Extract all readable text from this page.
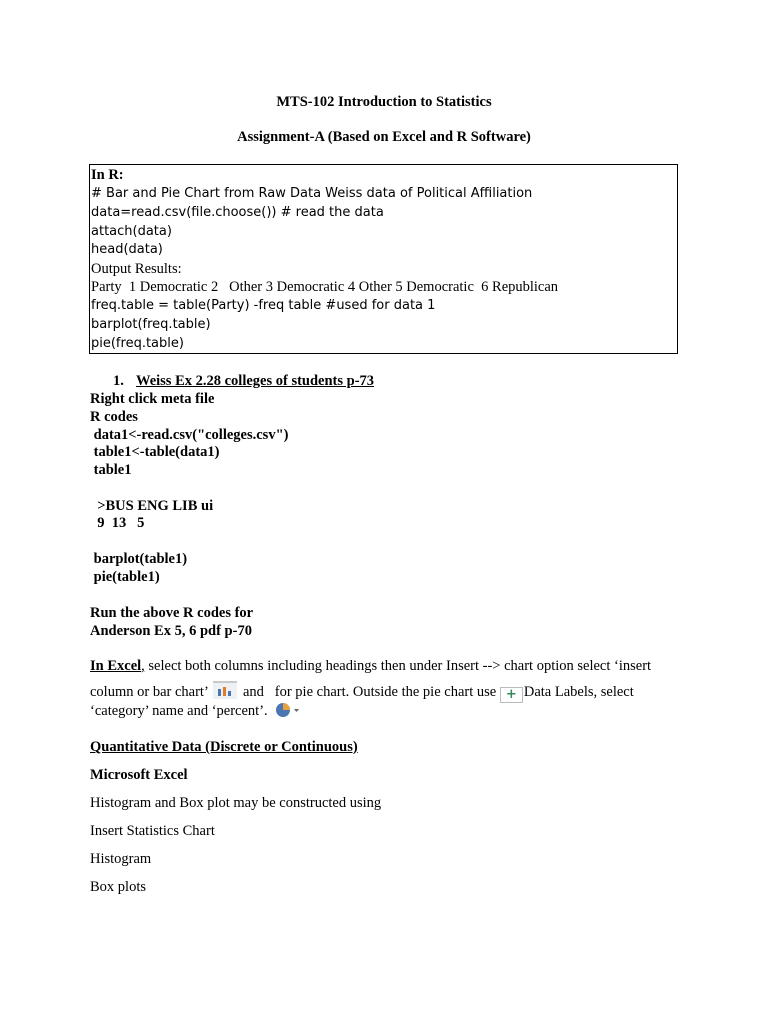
MTS-102 Introduction to Statistics
Assignment-A (Based on Excel and R Software)
In R:
# Bar and Pie Chart from Raw Data Weiss data of Political Affiliation
data=read.csv(file.choose()) # read the data
attach(data)
head(data)
Output Results:
Party  1 Democratic 2   Other 3 Democratic 4 Other 5 Democratic  6 Republican
freq.table = table(Party) -freq table #used for data 1
barplot(freq.table)
pie(freq.table)
1. Weiss Ex 2.28 colleges of students p-73
Right click meta file
R codes
data1<-read.csv("colleges.csv")
table1<-table(data1)
table1
>BUS ENG LIB ui
9  13   5
barplot(table1)
pie(table1)
Run the above R codes for
Anderson Ex 5, 6 pdf p-70
In Excel, select both columns including headings then under Insert --> chart option select ‘insert
column or bar chart’
and   for pie chart. Outside the pie chart use + Data Labels, select
‘category’ name and ‘percent’.
Quantitative Data (Discrete or Continuous)
Microsoft Excel
Histogram and Box plot may be constructed using
Insert Statistics Chart
Histogram
Box plots
